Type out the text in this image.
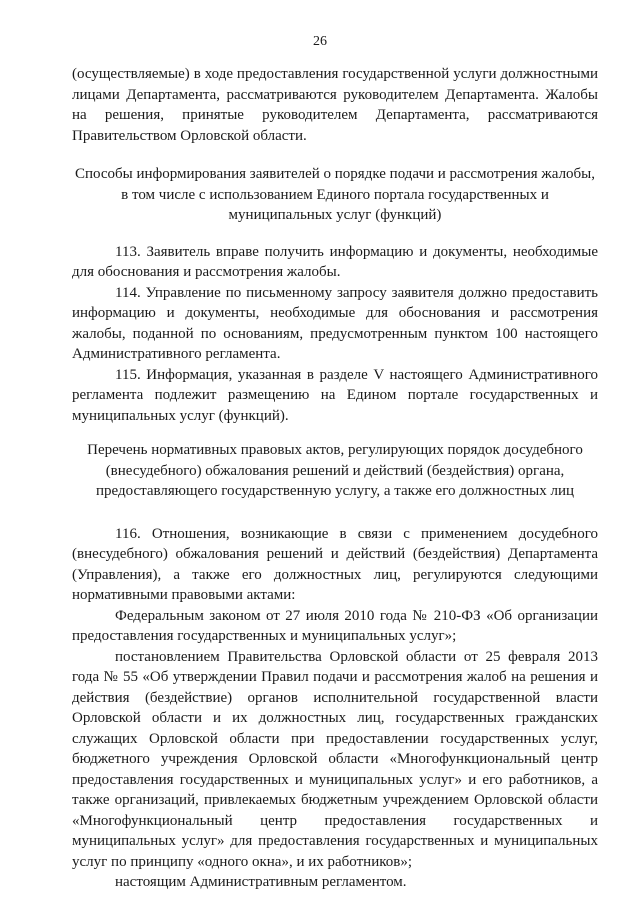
26

(осуществляемые) в ходе предоставления государственной услуги должностными лицами Департамента, рассматриваются руководителем Департамента. Жалобы на решения, принятые руководителем Департамента, рассматриваются Правительством Орловской области.

Способы информирования заявителей о порядке подачи и рассмотрения жалобы, в том числе с использованием Единого портала государственных и муниципальных услуг (функций)

113. Заявитель вправе получить информацию и документы, необходимые для обоснования и рассмотрения жалобы.

114. Управление по письменному запросу заявителя должно предоставить информацию и документы, необходимые для обоснования и рассмотрения жалобы, поданной по основаниям, предусмотренным пунктом 100 настоящего Административного регламента.

115. Информация, указанная в разделе V настоящего Административного регламента подлежит размещению на Едином портале государственных и муниципальных услуг (функций).

Перечень нормативных правовых актов, регулирующих порядок досудебного (внесудебного) обжалования решений и действий (бездействия) органа, предоставляющего государственную услугу, а также его должностных лиц

116. Отношения, возникающие в связи с применением досудебного (внесудебного) обжалования решений и действий (бездействия) Департамента (Управления), а также его должностных лиц, регулируются следующими нормативными правовыми актами:

Федеральным законом от 27 июля 2010 года № 210-ФЗ «Об организации предоставления государственных и муниципальных услуг»;

постановлением Правительства Орловской области от 25 февраля 2013 года № 55 «Об утверждении Правил подачи и рассмотрения жалоб на решения и действия (бездействие) органов исполнительной государственной власти Орловской области и их должностных лиц, государственных гражданских служащих Орловской области при предоставлении государственных услуг, бюджетного учреждения Орловской области «Многофункциональный центр предоставления государственных и муниципальных услуг» и его работников, а также организаций, привлекаемых бюджетным учреждением Орловской области «Многофункциональный центр предоставления государственных и муниципальных услуг» для предоставления государственных и муниципальных услуг по принципу «одного окна», и их работников»;

настоящим Административным регламентом.
